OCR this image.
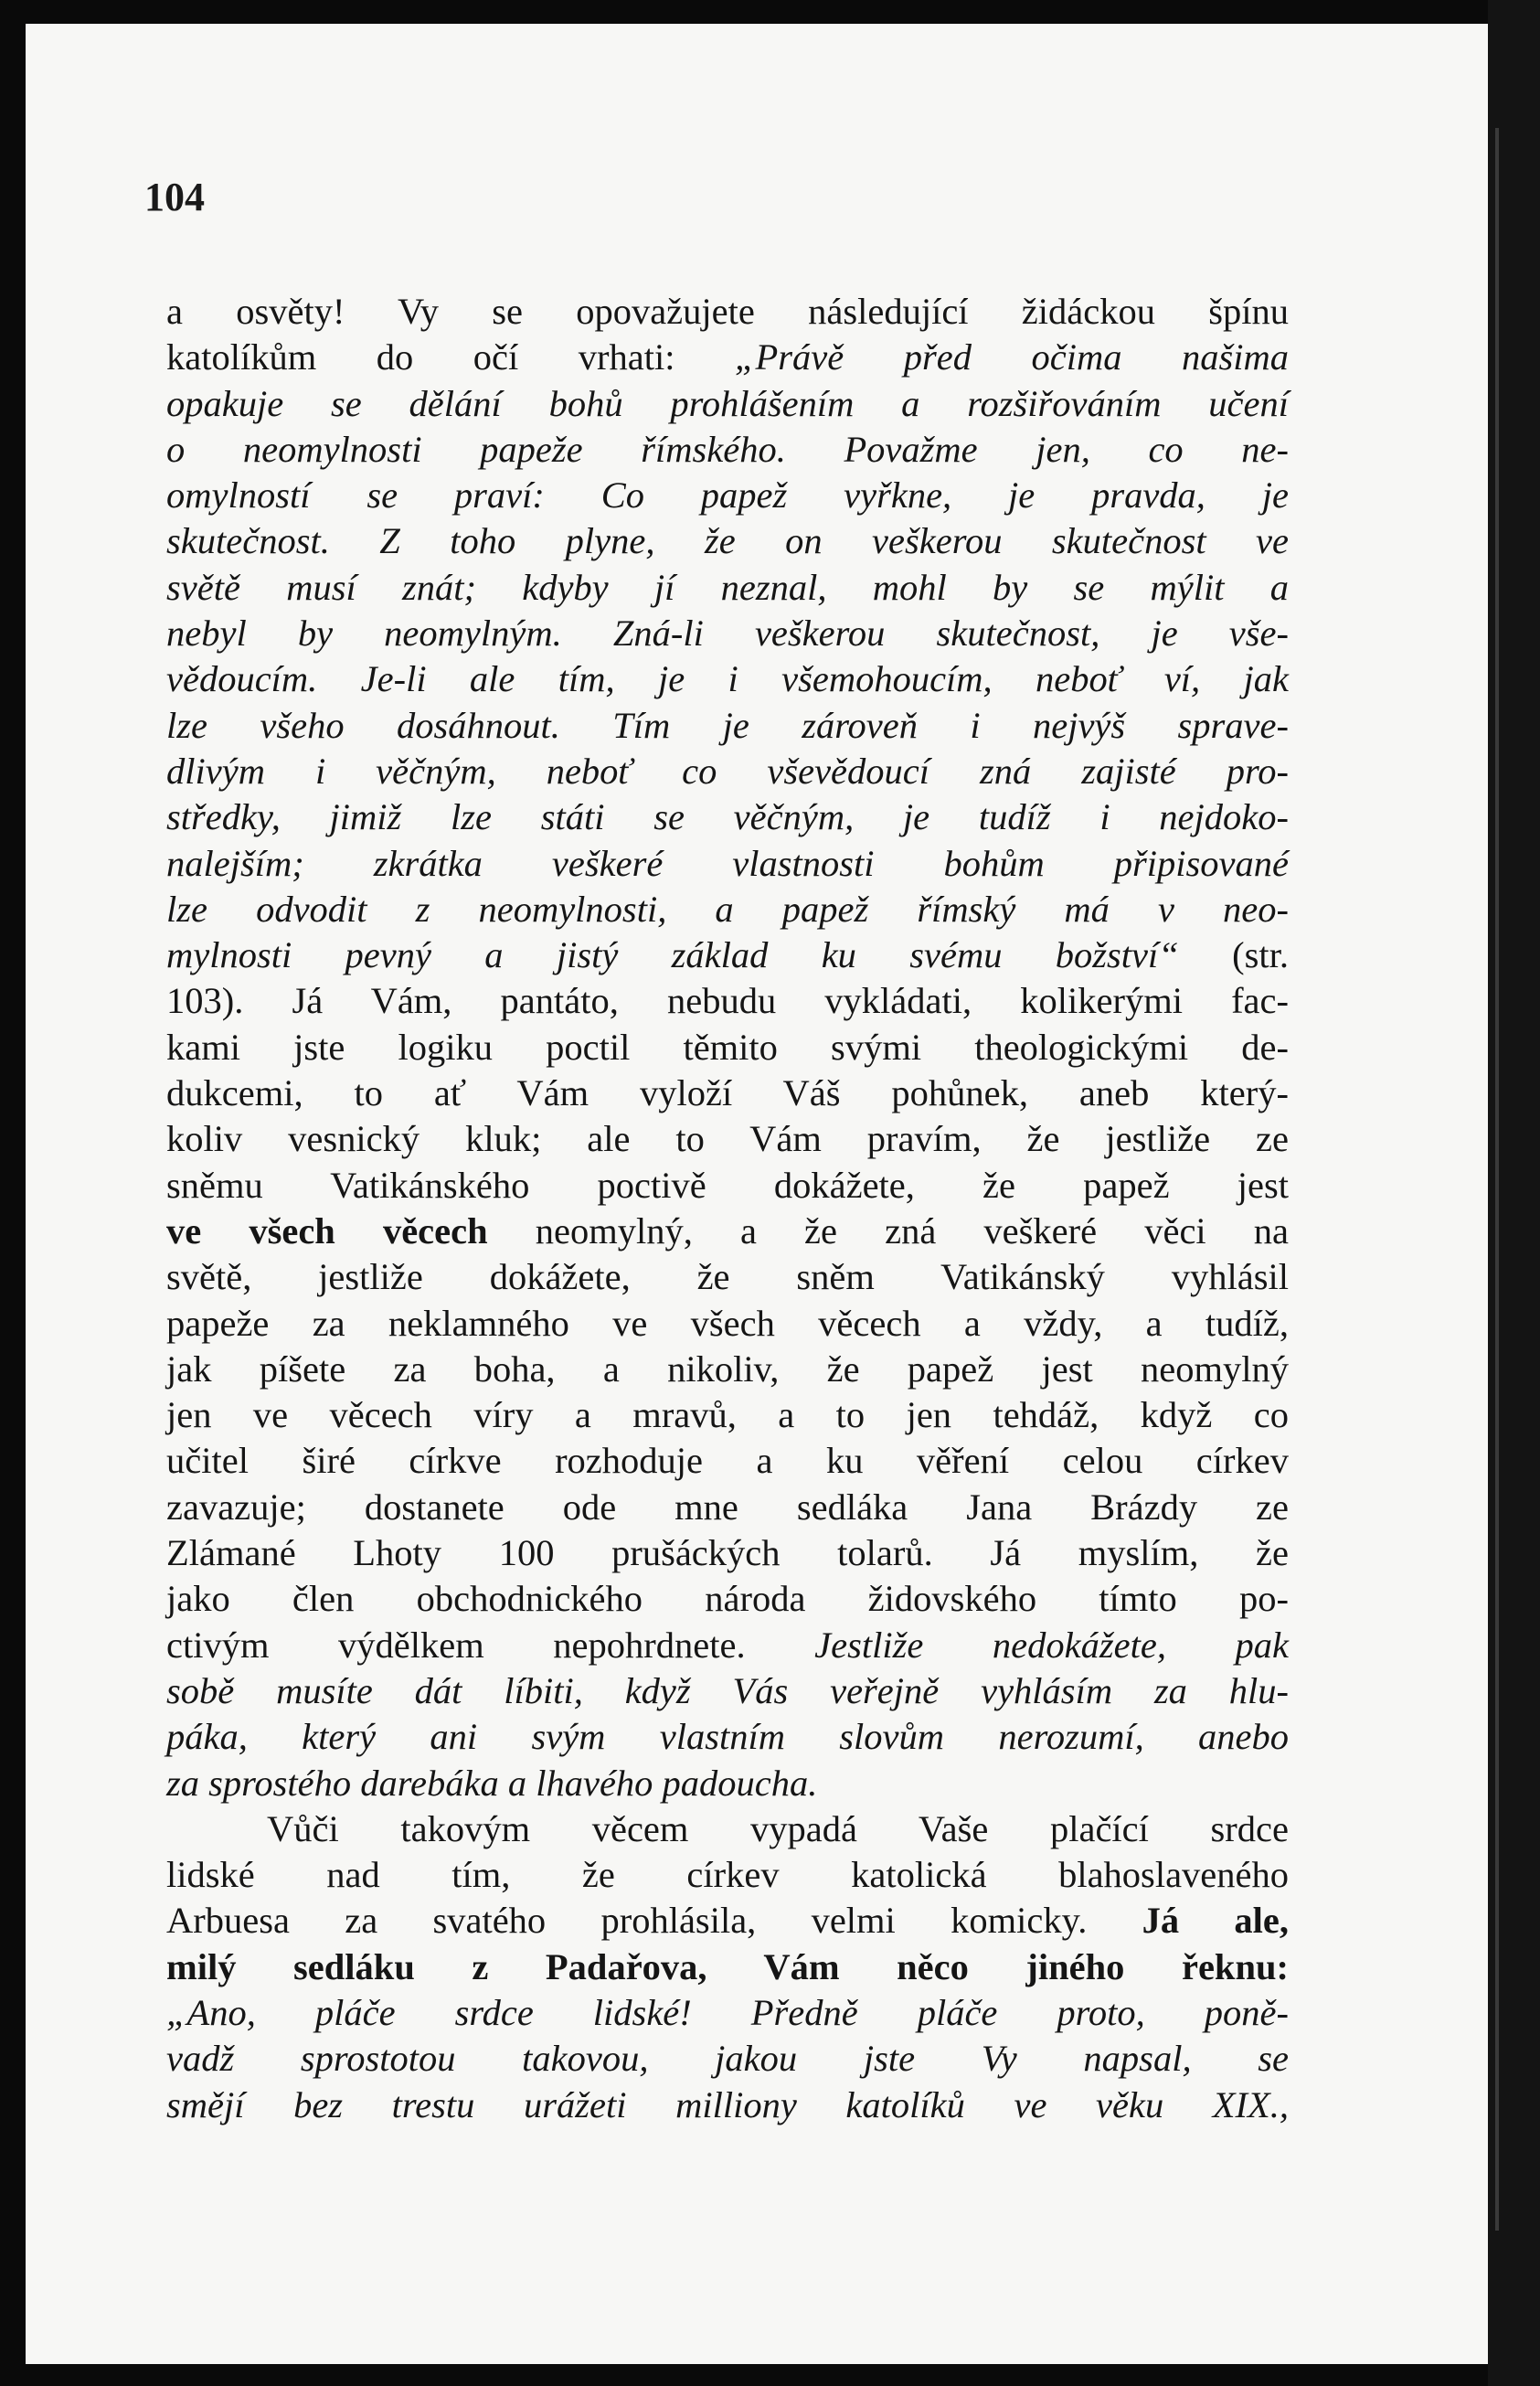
104
a osvěty! Vy se opovažujete následující židáckou špínu
katolíkům do očí vrhati: „Právě před očima našima
opakuje se dělání bohů prohlášením a rozšiřováním učení
o neomylnosti papeže římského. Považme jen, co ne-
omylností se praví: Co papež vyřkne, je pravda, je
skutečnost. Z toho plyne, že on veškerou skutečnost ve
světě musí znát; kdyby jí neznal, mohl by se mýlit a
nebyl by neomylným. Zná-li veškerou skutečnost, je vše-
vědoucím. Je-li ale tím, je i všemohoucím, neboť ví, jak
lze všeho dosáhnout. Tím je zároveň i nejvýš sprave-
dlivým i věčným, neboť co vševědoucí zná zajisté pro-
středky, jimiž lze státi se věčným, je tudíž i nejdoko-
nalejším; zkrátka veškeré vlastnosti bohům připisované
lze odvodit z neomylnosti, a papež římský má v neo-
mylnosti pevný a jistý základ ku svému božství“ (str.
103). Já Vám, pantáto, nebudu vykládati, kolikerými fac-
kami jste logiku poctil těmito svými theologickými de-
dukcemi, to ať Vám vyloží Váš pohůnek, aneb který-
koliv vesnický kluk; ale to Vám pravím, že jestliže ze
sněmu Vatikánského poctivě dokážete, že papež jest
ve všech věcech neomylný, a že zná veškeré věci na
světě, jestliže dokážete, že sněm Vatikánský vyhlásil
papeže za neklamného ve všech věcech a vždy, a tudíž,
jak píšete za boha, a nikoliv, že papež jest neomylný
jen ve věcech víry a mravů, a to jen tehdáž, když co
učitel širé církve rozhoduje a ku věření celou církev
zavazuje; dostanete ode mne sedláka Jana Brázdy ze
Zlámané Lhoty 100 prušáckých tolarů. Já myslím, že
jako člen obchodnického národa židovského tímto po-
ctivým výdělkem nepohrdnete. Jestliže nedokážete, pak
sobě musíte dát líbiti, když Vás veřejně vyhlásím za hlu-
páka, který ani svým vlastním slovům nerozumí, anebo
za sprostého darebáka a lhavého padoucha.
Vůči takovým věcem vypadá Vaše plačící srdce
lidské nad tím, že církev katolická blahoslaveného
Arbuesa za svatého prohlásila, velmi komicky. Já ale,
milý sedláku z Padařova, Vám něco jiného řeknu:
„Ano, pláče srdce lidské! Předně pláče proto, poně-
vadž sprostotou takovou, jakou jste Vy napsal, se
smějí bez trestu urážeti milliony katolíků ve věku XIX.,
